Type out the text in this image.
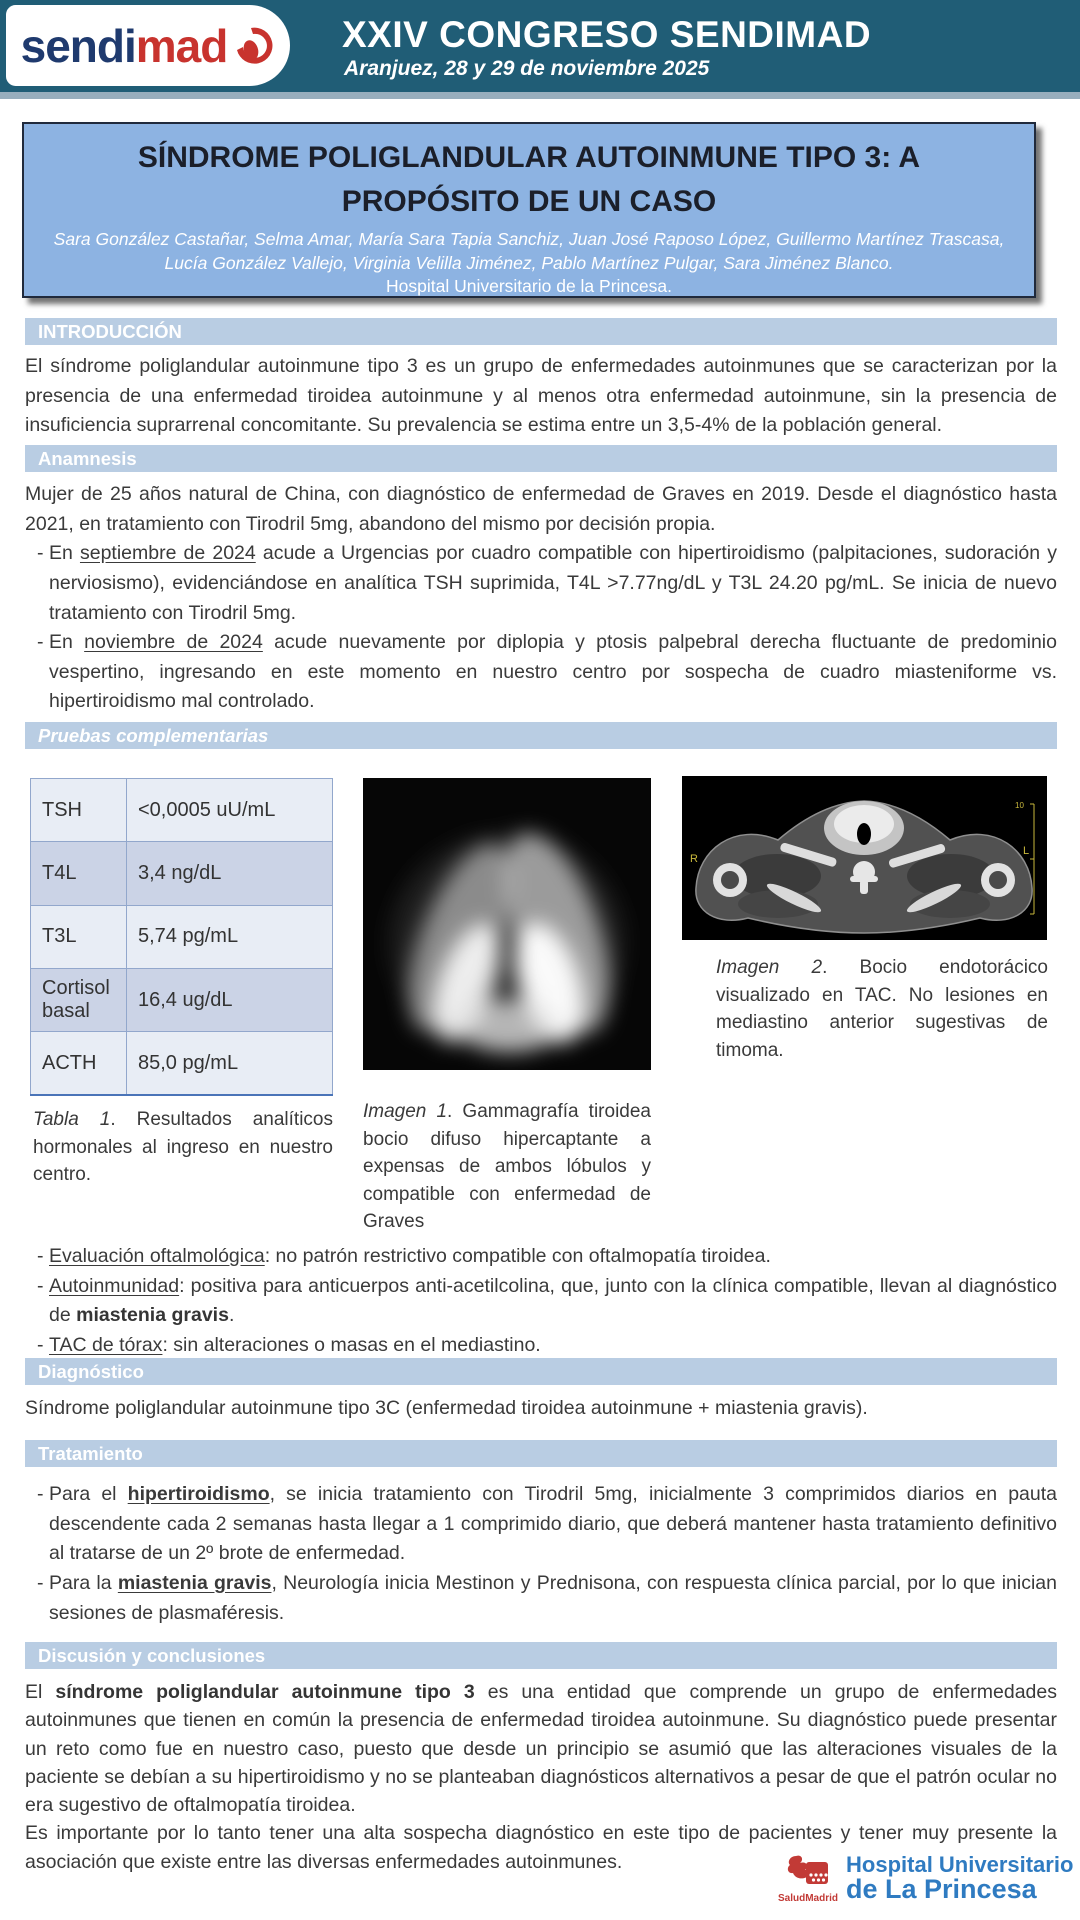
sendimad	XXIV CONGRESO SENDIMAD
Aranjuez, 28 y 29 de noviembre 2025
SÍNDROME POLIGLANDULAR AUTOINMUNE TIPO 3: A PROPÓSITO DE UN CASO
Sara González Castañar, Selma Amar, María Sara Tapia Sanchiz, Juan José Raposo López, Guillermo Martínez Trascasa, Lucía González Vallejo, Virginia Velilla Jiménez, Pablo Martínez Pulgar, Sara Jiménez Blanco.
Hospital Universitario de la Princesa.
INTRODUCCIÓN
El síndrome poliglandular autoinmune tipo 3 es un grupo de enfermedades autoinmunes que se caracterizan por la presencia de una enfermedad tiroidea autoinmune y al menos otra enfermedad autoinmune, sin la presencia de insuficiencia suprarrenal concomitante. Su prevalencia se estima entre un 3,5-4% de la población general.
Anamnesis
Mujer de 25 años natural de China, con diagnóstico de enfermedad de Graves en 2019. Desde el diagnóstico hasta 2021, en tratamiento con Tirodril 5mg, abandono del mismo por decisión propia.
- En septiembre de 2024 acude a Urgencias por cuadro compatible con hipertiroidismo (palpitaciones, sudoración y nerviosismo), evidenciándose en analítica TSH suprimida, T4L >7.77ng/dL y T3L 24.20 pg/mL. Se inicia de nuevo tratamiento con Tirodril 5mg.
- En noviembre de 2024 acude nuevamente por diplopia y ptosis palpebral derecha fluctuante de predominio vespertino, ingresando en este momento en nuestro centro por sospecha de cuadro miasteniforme vs. hipertiroidismo mal controlado.
Pruebas complementarias
TSH	<0,0005 uU/mL
T4L	3,4 ng/dL
T3L	5,74 pg/mL
Cortisol basal	16,4 ug/dL
ACTH	85,0 pg/mL
R
L
10
Tabla 1. Resultados analíticos hormonales al ingreso en nuestro centro.
Imagen 1. Gammagrafía tiroidea bocio difuso hipercaptante a expensas de ambos lóbulos y compatible con enfermedad de Graves
Imagen 2. Bocio endotorácico visualizado en TAC. No lesiones en mediastino anterior sugestivas de timoma.
- Evaluación oftalmológica: no patrón restrictivo compatible con oftalmopatía tiroidea.
- Autoinmunidad: positiva para anticuerpos anti-acetilcolina, que, junto con la clínica compatible, llevan al diagnóstico de miastenia gravis.
- TAC de tórax: sin alteraciones o masas en el mediastino.
Diagnóstico
Síndrome poliglandular autoinmune tipo 3C (enfermedad tiroidea autoinmune + miastenia gravis).
Tratamiento
- Para el hipertiroidismo, se inicia tratamiento con Tirodril 5mg, inicialmente 3 comprimidos diarios en pauta descendente cada 2 semanas hasta llegar a 1 comprimido diario, que deberá mantener hasta tratamiento definitivo al tratarse de un 2º brote de enfermedad.
- Para la miastenia gravis, Neurología inicia Mestinon y Prednisona, con respuesta clínica parcial, por lo que inician sesiones de plasmaféresis.
Discusión y conclusiones
El síndrome poliglandular autoinmune tipo 3 es una entidad que comprende un grupo de enfermedades autoinmunes que tienen en común la presencia de enfermedad tiroidea autoinmune. Su diagnóstico puede presentar un reto como fue en nuestro caso, puesto que desde un principio se asumió que las alteraciones visuales de la paciente se debían a su hipertiroidismo y no se planteaban diagnósticos alternativos a pesar de que el patrón ocular no era sugestivo de oftalmopatía tiroidea.
Es importante por lo tanto tener una alta sospecha diagnóstico en este tipo de pacientes y tener muy presente la asociación que existe entre las diversas enfermedades autoinmunes.
SaludMadrid
Hospital Universitario
de La Princesa
